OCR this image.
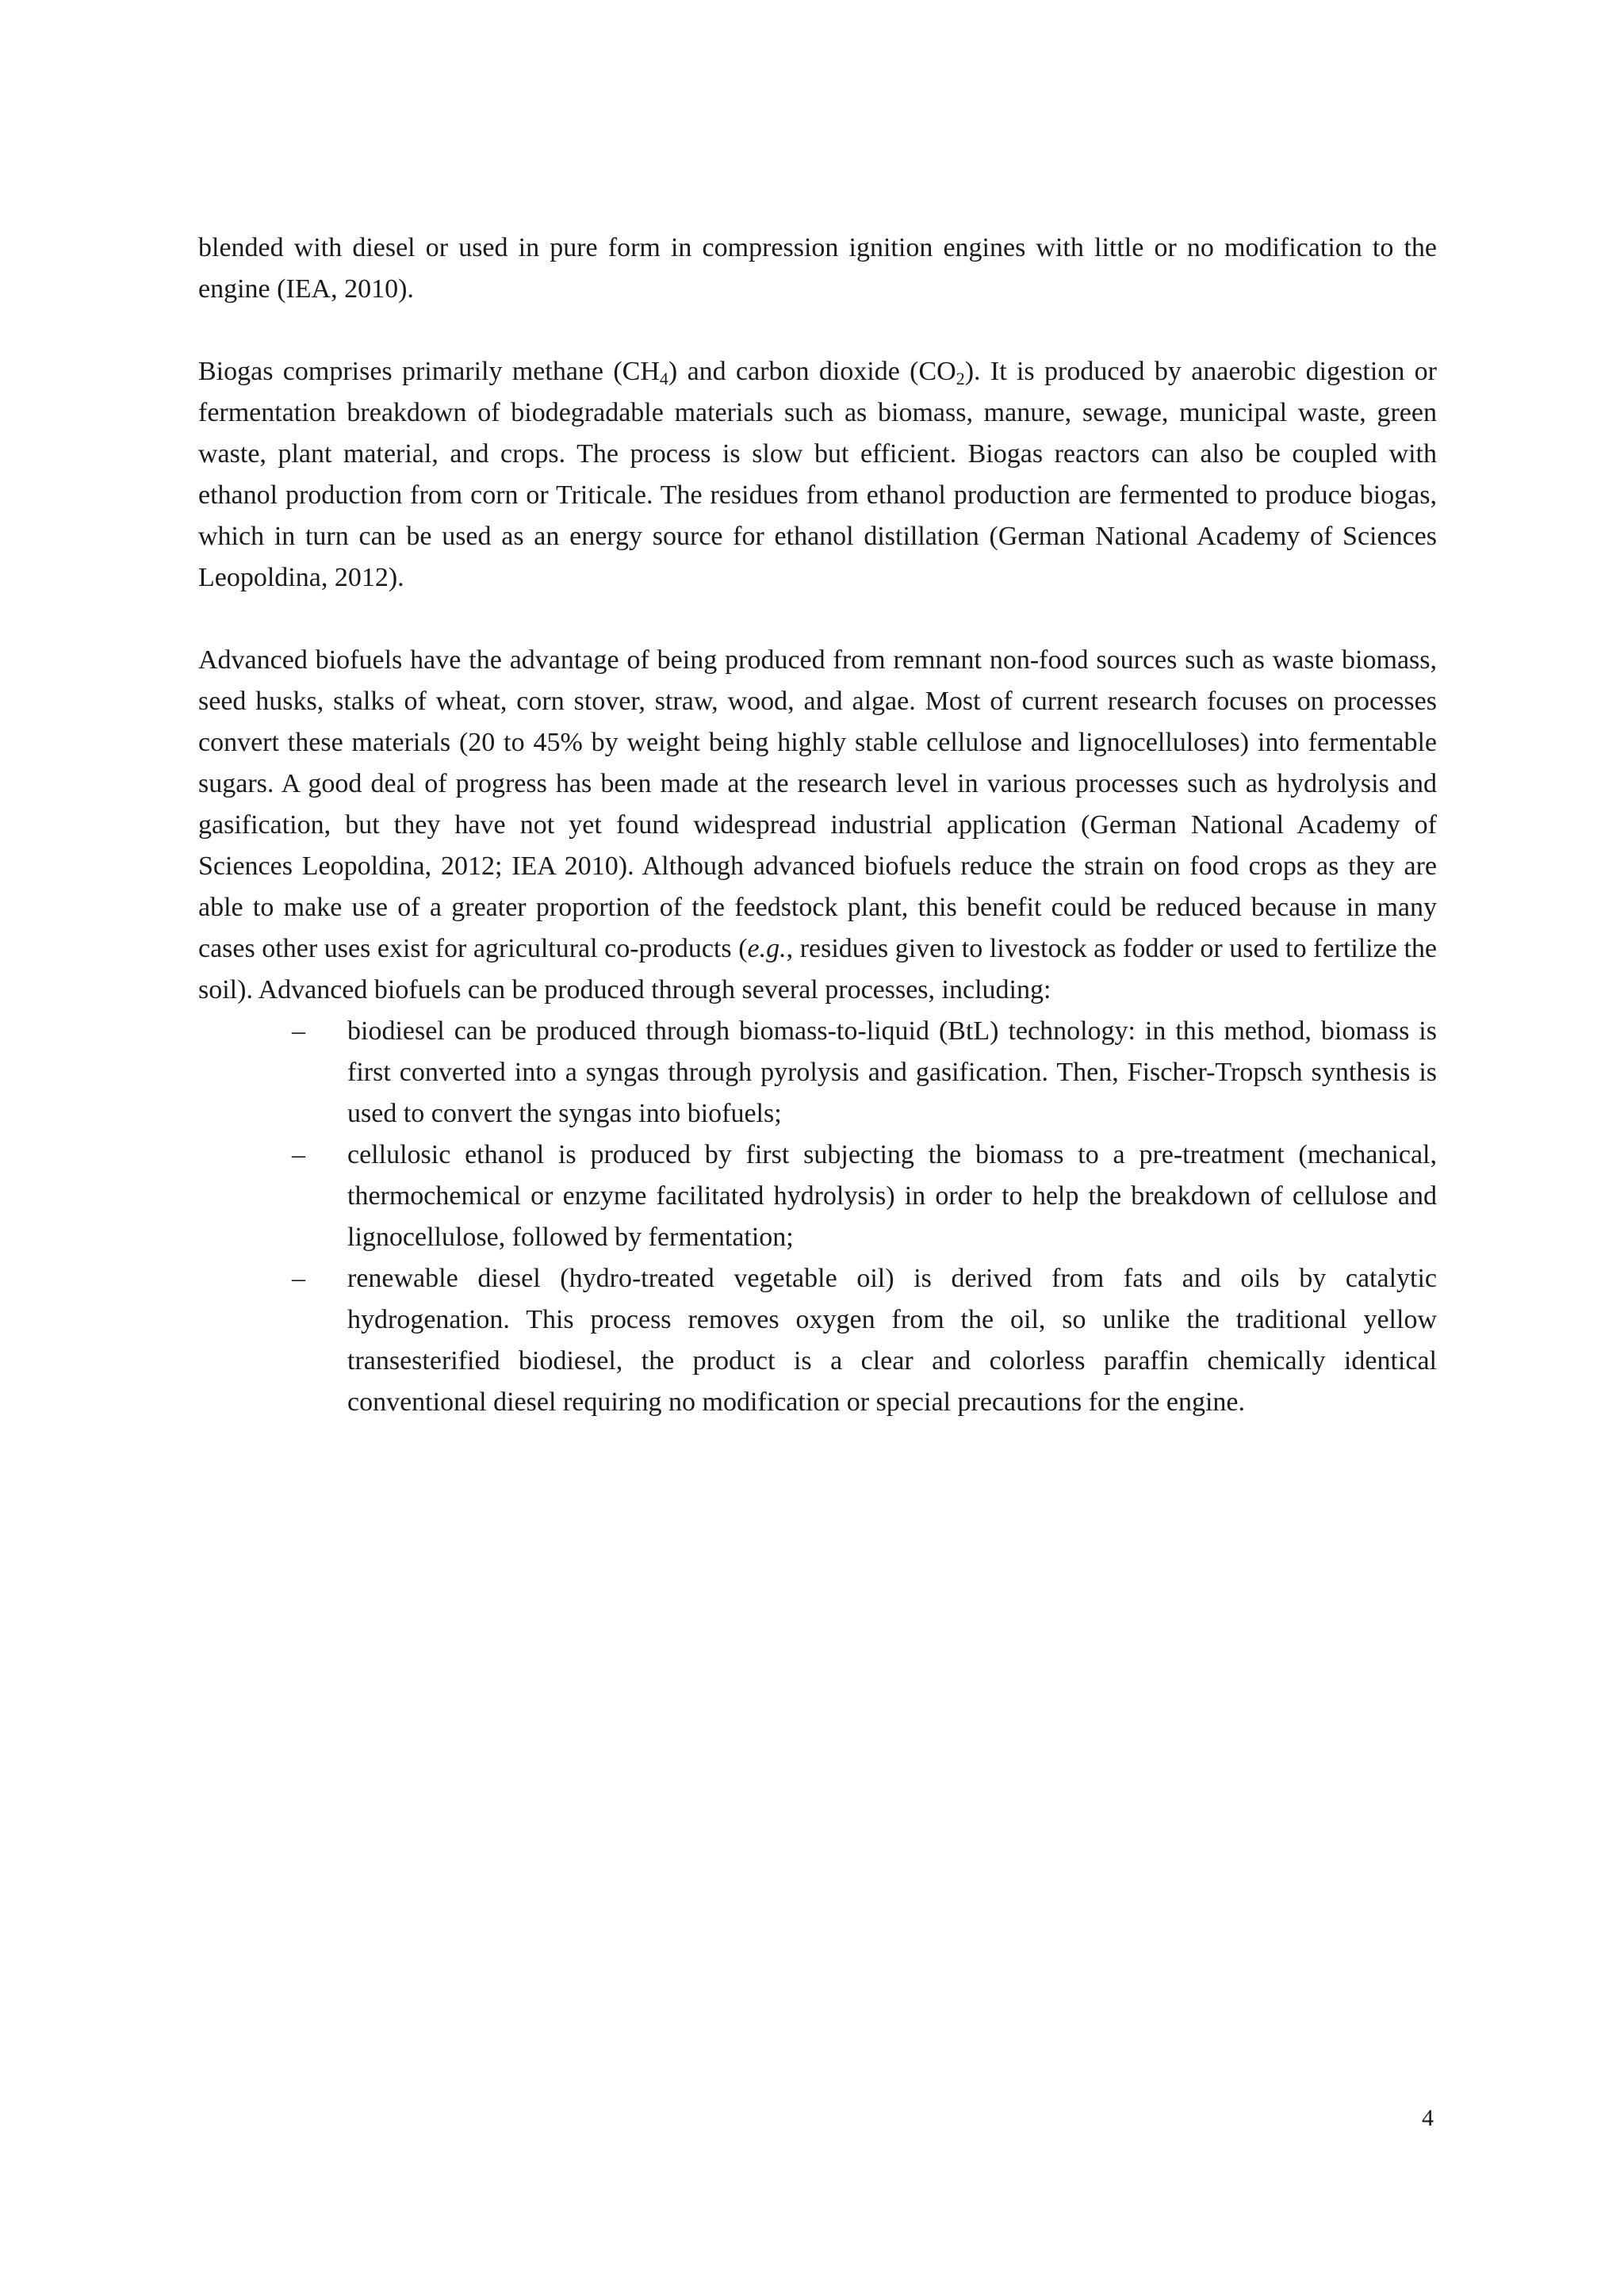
blended with diesel or used in pure form in compression ignition engines with little or no modification to the engine (IEA, 2010).

Biogas comprises primarily methane $(CH_4)$ and carbon dioxide $(CO_2)$. It is produced by anaerobic digestion or fermentation breakdown of biodegradable materials such as biomass, manure, sewage, municipal waste, green waste, plant material, and crops. The process is slow but efficient. Biogas reactors can also be coupled with ethanol production from corn or Triticale. The residues from ethanol production are fermented to produce biogas, which in turn can be used as an energy source for ethanol distillation (German National Academy of Sciences Leopoldina, 2012).

Advanced biofuels have the advantage of being produced from remnant non-food sources such as waste biomass, seed husks, stalks of wheat, corn stover, straw, wood, and algae. Most of current research focuses on processes convert these materials (20 to 45% by weight being highly stable cellulose and lignocelluloses) into fermentable sugars. A good deal of progress has been made at the research level in various processes such as hydrolysis and gasification, but they have not yet found widespread industrial application (German National Academy of Sciences Leopoldina, 2012; IEA 2010). Although advanced biofuels reduce the strain on food crops as they are able to make use of a greater proportion of the feedstock plant, this benefit could be reduced because in many cases other uses exist for agricultural co-products (e.g., residues given to livestock as fodder or used to fertilize the soil). Advanced biofuels can be produced through several processes, including:

– biodiesel can be produced through biomass-to-liquid (BtL) technology: in this method, biomass is first converted into a syngas through pyrolysis and gasification. Then, Fischer-Tropsch synthesis is used to convert the syngas into biofuels;
– cellulosic ethanol is produced by first subjecting the biomass to a pre-treatment (mechanical, thermochemical or enzyme facilitated hydrolysis) in order to help the breakdown of cellulose and lignocellulose, followed by fermentation;
– renewable diesel (hydro-treated vegetable oil) is derived from fats and oils by catalytic hydrogenation. This process removes oxygen from the oil, so unlike the traditional yellow transesterified biodiesel, the product is a clear and colorless paraffin chemically identical conventional diesel requiring no modification or special precautions for the engine.
4
